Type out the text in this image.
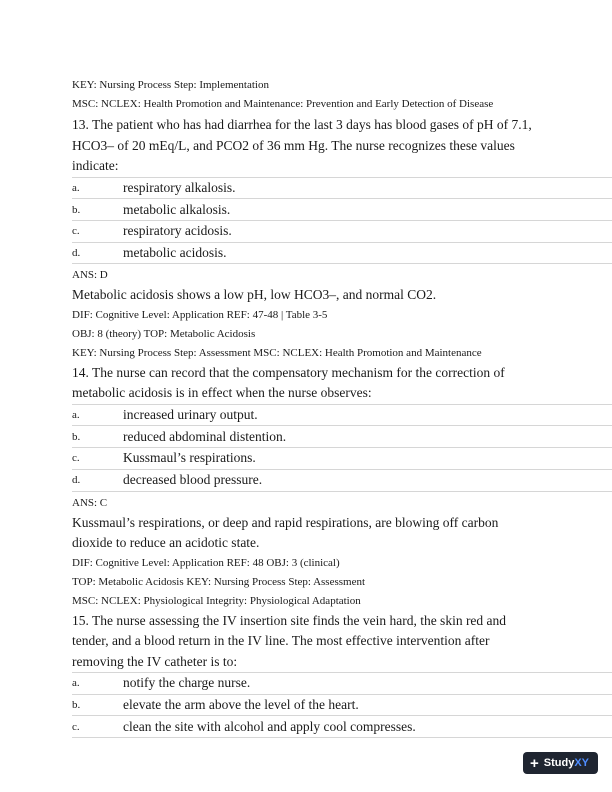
KEY: Nursing Process Step: Implementation
MSC: NCLEX: Health Promotion and Maintenance: Prevention and Early Detection of Disease
13. The patient who has had diarrhea for the last 3 days has blood gases of pH of 7.1, HCO3– of 20 mEq/L, and PCO2 of 36 mm Hg. The nurse recognizes these values indicate:
a.	respiratory alkalosis.
b.	metabolic alkalosis.
c.	respiratory acidosis.
d.	metabolic acidosis.
ANS: D
Metabolic acidosis shows a low pH, low HCO3–, and normal CO2.
DIF: Cognitive Level: Application REF: 47-48 | Table 3-5
OBJ: 8 (theory) TOP: Metabolic Acidosis
KEY: Nursing Process Step: Assessment MSC: NCLEX: Health Promotion and Maintenance
14. The nurse can record that the compensatory mechanism for the correction of metabolic acidosis is in effect when the nurse observes:
a.	increased urinary output.
b.	reduced abdominal distention.
c.	Kussmaul’s respirations.
d.	decreased blood pressure.
ANS: C
Kussmaul’s respirations, or deep and rapid respirations, are blowing off carbon dioxide to reduce an acidotic state.
DIF: Cognitive Level: Application REF: 48 OBJ: 3 (clinical)
TOP: Metabolic Acidosis KEY: Nursing Process Step: Assessment
MSC: NCLEX: Physiological Integrity: Physiological Adaptation
15. The nurse assessing the IV insertion site finds the vein hard, the skin red and tender, and a blood return in the IV line. The most effective intervention after removing the IV catheter is to:
a.	notify the charge nurse.
b.	elevate the arm above the level of the heart.
c.	clean the site with alcohol and apply cool compresses.
+ StudyXY
